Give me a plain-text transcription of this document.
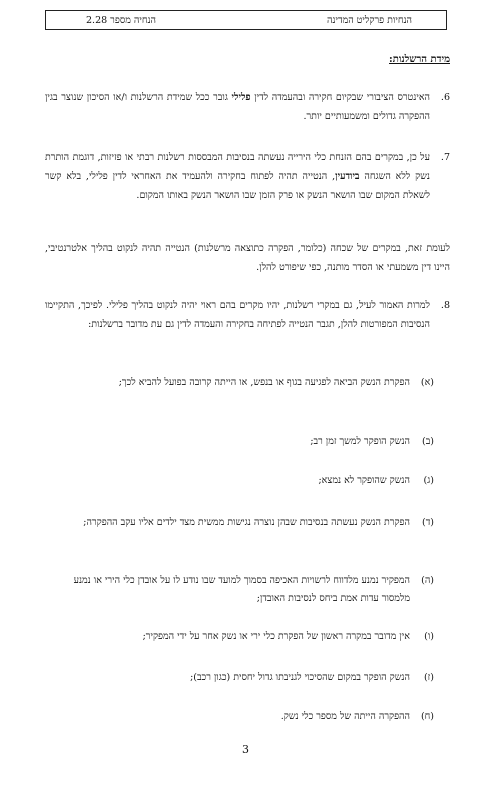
הנחיות פרקליט המדינה
הנחיה מספר 2.28
מידת הרשלנות:
6.
האינטרס הציבורי שבקיום חקירה ובהעמדה לדין פלילי גובר ככל שמידת הרשלנות ו/או הסיכון שנוצר בגין ההפקרה גדולים ומשמעותיים יותר.
7.
על כן, במקרים בהם הזנחת כלי הירייה נעשתה בנסיבות המבססות רשלנות רבתי או פזיזות, דוגמת הותרת נשק ללא השגחה ביודעין, הנטייה תהיה לפתוח בחקירה ולהעמיד את האחראי לדין פלילי, בלא קשר לשאלת המקום שבו הושאר הנשק או פרק הזמן שבו הושאר הנשק באותו המקום.
לעומת זאת, במקרים של שכחה (כלומר, הפקרה כתוצאה מרשלנות) הנטייה תהיה לנקוט בהליך אלטרנטיבי, היינו דין משמעתי או הסדר מותנה, כפי שיפורט להלן.
8.
למרות האמור לעיל, גם במקרי רשלנות, יהיו מקרים בהם ראוי יהיה לנקוט בהליך פלילי. לפיכך, התקיימו הנסיבות המפורטות להלן, תגבר הנטייה לפתיחה בחקירה והעמדה לדין גם עת מדובר ברשלנות:
(א)
הפקרת הנשק הביאה לפגיעה בגוף או בנפש, או הייתה קרובה בפועל להביא לכך;
(ב)
הנשק הופקר למשך זמן רב;
(ג)
הנשק שהופקר לא נמצא;
(ד)
הפקרת הנשק נעשתה בנסיבות שבהן נוצרה נגישות ממשית מצד ילדים אליו עקב ההפקרה;
(ה)
המפקיר נמנע מלדווח לרשויות האכיפה בסמוך למועד שבו נודע לו על אובדן כלי הירי או נמנע מלמסור עדות אמת ביחס לנסיבות האובדן;
(ו)
אין מדובר במקרה ראשון של הפקרת כלי ירי או נשק אחר על ידי המפקיר;
(ז)
הנשק הופקר במקום שהסיכוי לגניבתו גדול יחסית (כגון רכב);
(ח)
ההפקרה הייתה של מספר כלי נשק.
3
